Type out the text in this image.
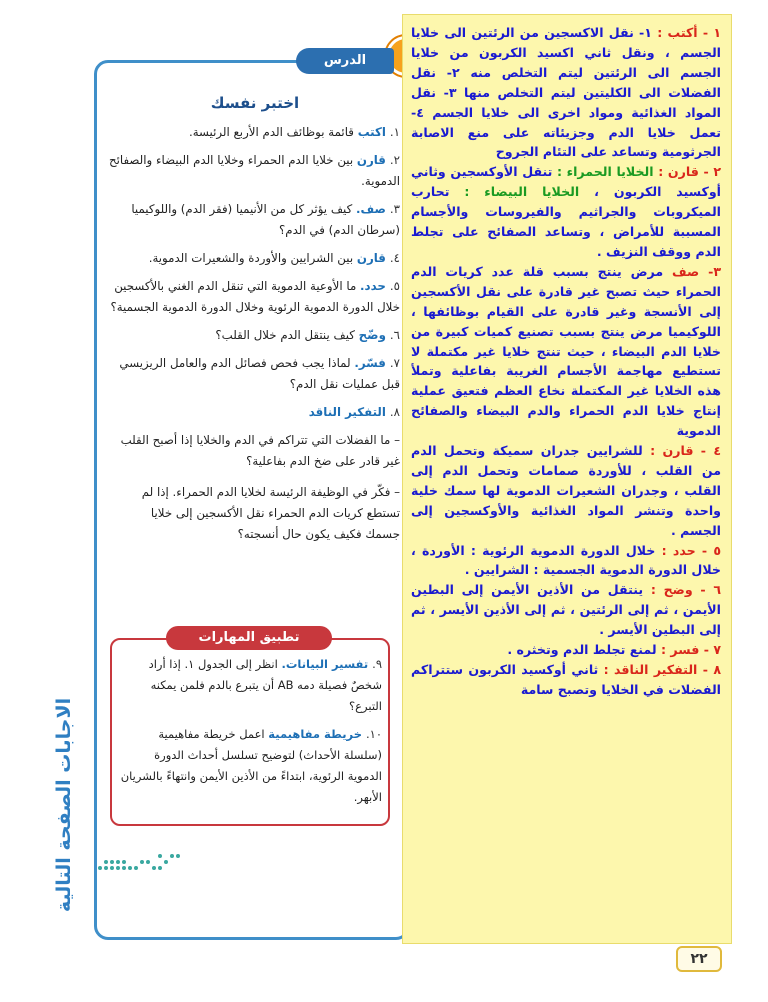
الدرس
اختبر نفسك
١.اكتب قائمة بوظائف الدم الأربع الرئيسة.
٢.قارن بين خلايا الدم الحمراء وخلايا الدم البيضاء والصفائح الدموية.
٣.صف. كيف يؤثر كل من الأنيميا (فقر الدم) واللوكيميا (سرطان الدم) في الدم؟
٤.قارن بين الشرايين والأوردة والشعيرات الدموية.
٥.حدد. ما الأوعية الدموية التي تنقل الدم الغني بالأكسجين خلال الدورة الدموية الرئوية وخلال الدورة الدموية الجسمية؟
٦.وضّح كيف ينتقل الدم خلال القلب؟
٧.فسّر. لماذا يجب فحص فصائل الدم والعامل الريزيسي قبل عمليات نقل الدم؟
٨.التفكير الناقد
– ما الفضلات التي تتراكم في الدم والخلايا إذا أصبح القلب غير قادر على ضخ الدم بفاعلية؟
– فكّر في الوظيفة الرئيسة لخلايا الدم الحمراء. إذا لم تستطع كريات الدم الحمراء نقل الأكسجين إلى خلايا جسمك فكيف يكون حال أنسجته؟
تطبيق المهارات
٩.تفسير البيانات. انظر إلى الجدول ١. إذا أراد شخصٌ فصيلة دمه AB أن يتبرع بالدم فلمن يمكنه التبرع؟
١٠.خريطة مفاهيمية اعمل خريطة مفاهيمية (سلسلة الأحداث) لتوضيح تسلسل أحداث الدورة الدموية الرئوية، ابتداءً من الأذين الأيمن وانتهاءً بالشريان الأبهر.
الاجابات الصفحة التالية
٢٢

١ - أكتب : ١- نقل الاكسجين من الرئتين الى خلايا الجسم ، ونقل ثاني اكسيد الكربون من خلايا الجسم الى الرئتين ليتم التخلص منه ٢- نقل الفضلات الى الكليتين ليتم التخلص منها ٣- نقل المواد الغذائية ومواد اخرى الى خلايا الجسم ٤- تعمل خلايا الدم وجزيئاته على منع الاصابة الجرثومية وتساعد على التئام الجروح

٢ - قارن : الخلايا الحمراء : تنقل الأوكسجين وثاني أوكسيد الكربون ، الخلايا البيضاء : تحارب الميكروبات والجراثيم والفيروسات والأجسام المسببة للأمراض ، وتساعد الصفائح على تجلط الدم ووقف النزيف .

٣- صف مرض ينتج بسبب قلة عدد كريات الدم الحمراء حيث تصبح غير قادرة على نقل الأكسجين إلى الأنسجة وغير قادرة على القيام بوظائفها ، اللوكيميا مرض ينتج بسبب تصنيع كميات كبيرة من خلايا الدم البيضاء ، حيث تنتج خلايا غير مكتملة لا تستطيع مهاجمة الأجسام الغريبة بفاعلية وتملأ هذه الخلايا غير المكتملة نخاع العظم فتعيق عملية إنتاج خلايا الدم الحمراء والدم البيضاء والصفائح الدموية

٤ - قارن : للشرايين جدران سميكة وتحمل الدم من القلب ، للأوردة صمامات وتحمل الدم إلى القلب ، وجدران الشعيرات الدموية لها سمك خلية واحدة وتنشر المواد الغذائية والأوكسجين إلى الجسم .

٥ - حدد : خلال الدورة الدموية الرئوية : الأوردة ، خلال الدورة الدموية الجسمية : الشرايين .

٦ - وضح : ينتقل من الأذين الأيمن إلى البطين الأيمن ، ثم إلى الرئتين ، ثم إلى الأذين الأيسر ، ثم إلى البطين الأيسر .

٧ - فسر : لمنع تجلط الدم وتخثره .

٨ - التفكير الناقد : ثاني أوكسيد الكربون ستتراكم الفضلات في الخلايا وتصبح سامة
